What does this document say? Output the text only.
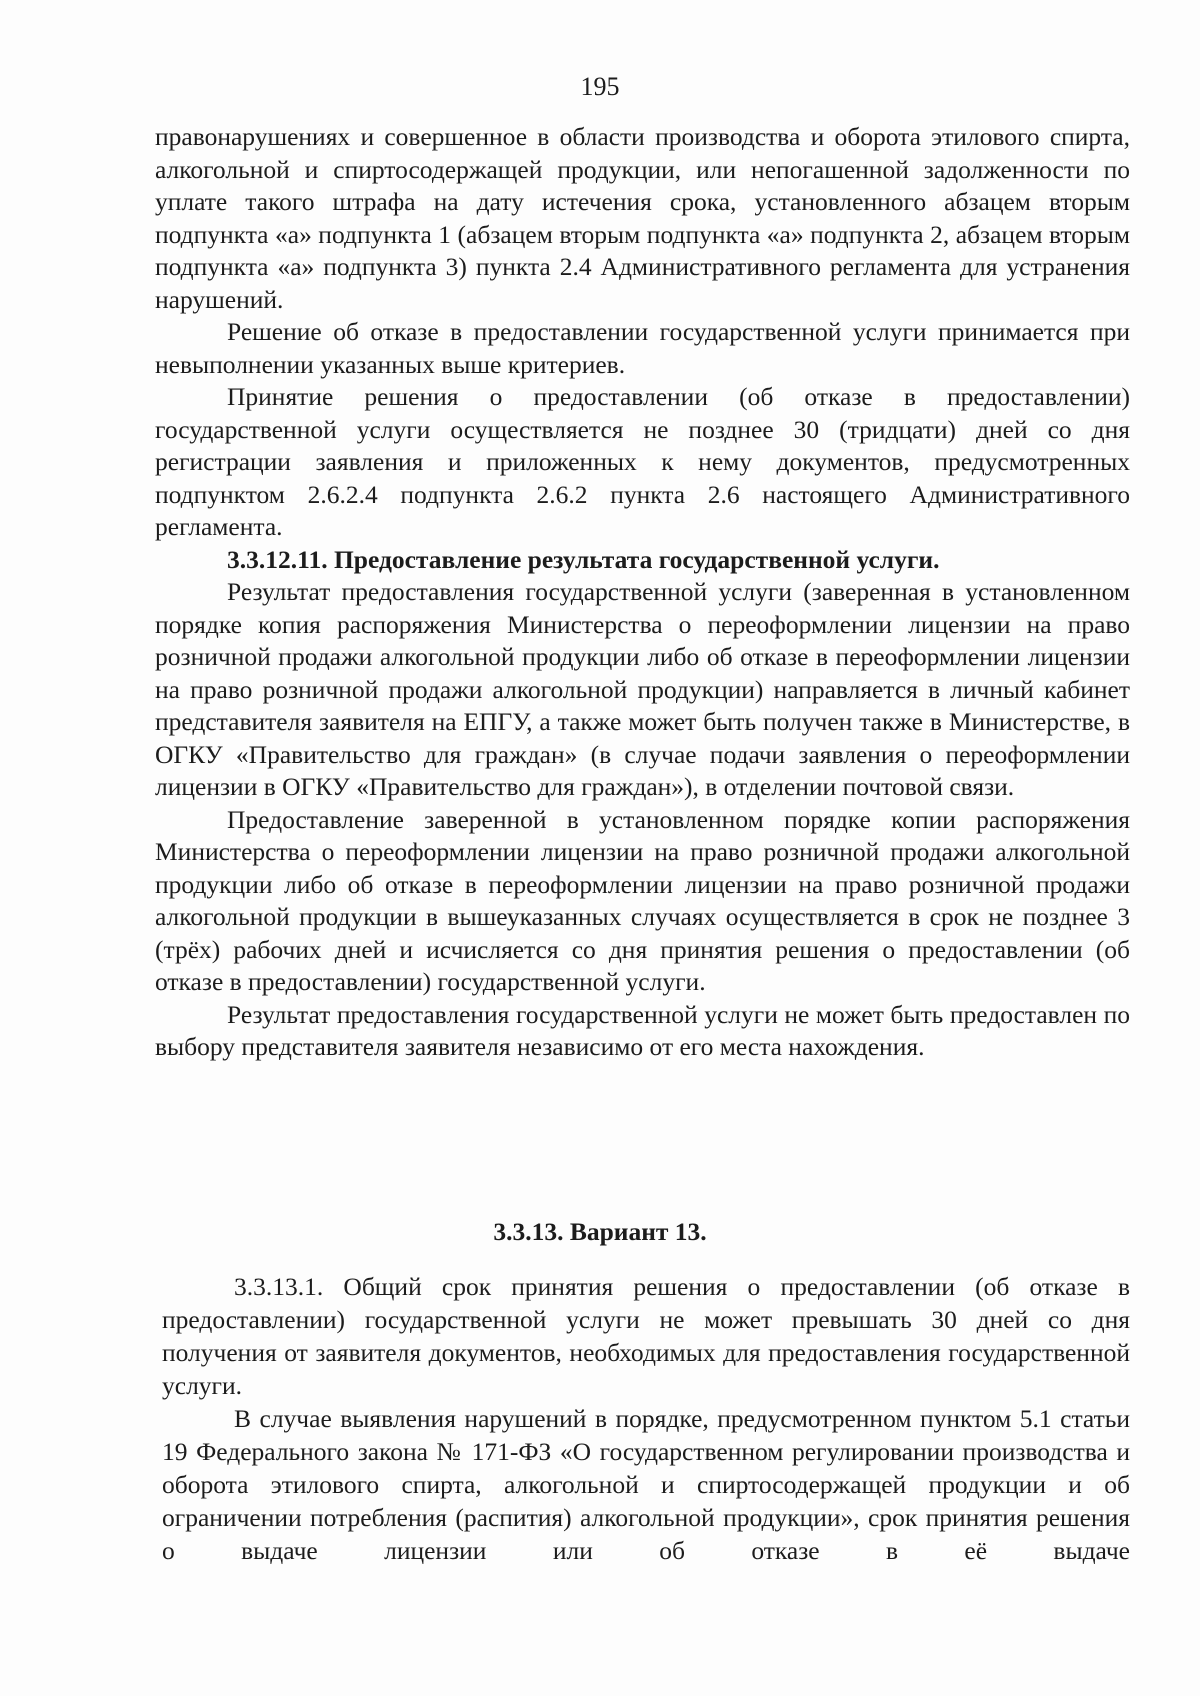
195

правонарушениях и совершенное в области производства и оборота этилового спирта, алкогольной и спиртосодержащей продукции, или непогашенной задолженности по уплате такого штрафа на дату истечения срока, установленного абзацем вторым подпункта «а» подпункта 1 (абзацем вторым подпункта «а» подпункта 2, абзацем вторым подпункта «а» подпункта 3) пункта 2.4 Административного регламента для устранения нарушений.

Решение об отказе в предоставлении государственной услуги принимается при невыполнении указанных выше критериев.

Принятие решения о предоставлении (об отказе в предоставлении) государственной услуги осуществляется не позднее 30 (тридцати) дней со дня регистрации заявления и приложенных к нему документов, предусмотренных подпунктом 2.6.2.4 подпункта 2.6.2 пункта 2.6 настоящего Административного регламента.

3.3.12.11. Предоставление результата государственной услуги.

Результат предоставления государственной услуги (заверенная в установленном порядке копия распоряжения Министерства о переоформлении лицензии на право розничной продажи алкогольной продукции либо об отказе в переоформлении лицензии на право розничной продажи алкогольной продукции) направляется в личный кабинет представителя заявителя на ЕПГУ, а также может быть получен также в Министерстве, в ОГКУ «Правительство для граждан» (в случае подачи заявления о переоформлении лицензии в ОГКУ «Правительство для граждан»), в отделении почтовой связи.

Предоставление заверенной в установленном порядке копии распоряжения Министерства о переоформлении лицензии на право розничной продажи алкогольной продукции либо об отказе в переоформлении лицензии на право розничной продажи алкогольной продукции в вышеуказанных случаях осуществляется в срок не позднее 3 (трёх) рабочих дней и исчисляется со дня принятия решения о предоставлении (об отказе в предоставлении) государственной услуги.

Результат предоставления государственной услуги не может быть предоставлен по выбору представителя заявителя независимо от его места нахождения.

3.3.13. Вариант 13.

3.3.13.1. Общий срок принятия решения о предоставлении (об отказе в предоставлении) государственной услуги не может превышать 30 дней со дня получения от заявителя документов, необходимых для предоставления государственной услуги.

В случае выявления нарушений в порядке, предусмотренном пунктом 5.1 статьи 19 Федерального закона № 171-ФЗ «О государственном регулировании производства и оборота этилового спирта, алкогольной и спиртосодержащей продукции и об ограничении потребления (распития) алкогольной продукции», срок принятия решения о выдаче лицензии или об отказе в её выдаче
